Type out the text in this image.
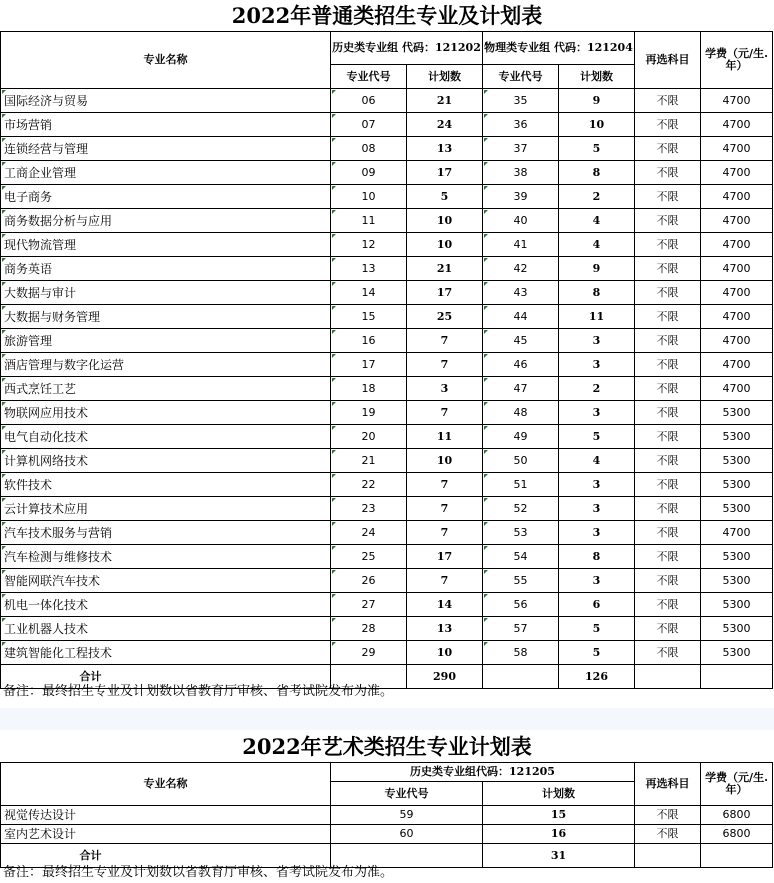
2022年普通类招生专业及计划表
专业名称	历史类专业组 代码：121202		物理类专业组 代码：121204		再选科目	学费（元/生.年）
	专业代号	计划数	专业代号	计划数		
国际经济与贸易	06	21	35	9	不限	4700
市场营销	07	24	36	10	不限	4700
连锁经营与管理	08	13	37	5	不限	4700
工商企业管理	09	17	38	8	不限	4700
电子商务	10	5	39	2	不限	4700
商务数据分析与应用	11	10	40	4	不限	4700
现代物流管理	12	10	41	4	不限	4700
商务英语	13	21	42	9	不限	4700
大数据与审计	14	17	43	8	不限	4700
大数据与财务管理	15	25	44	11	不限	4700
旅游管理	16	7	45	3	不限	4700
酒店管理与数字化运营	17	7	46	3	不限	4700
西式烹饪工艺	18	3	47	2	不限	4700
物联网应用技术	19	7	48	3	不限	5300
电气自动化技术	20	11	49	5	不限	5300
计算机网络技术	21	10	50	4	不限	5300
软件技术	22	7	51	3	不限	5300
云计算技术应用	23	7	52	3	不限	5300
汽车技术服务与营销	24	7	53	3	不限	4700
汽车检测与维修技术	25	17	54	8	不限	5300
智能网联汽车技术	26	7	55	3	不限	5300
机电一体化技术	27	14	56	6	不限	5300
工业机器人技术	28	13	57	5	不限	5300
建筑智能化工程技术	29	10	58	5	不限	5300
合计		290		126		
备注：最终招生专业及计划数以省教育厅审核、省考试院发布为准。
2022年艺术类招生专业计划表
专业名称	历史类专业组代码：121205		再选科目	学费（元/生.年）
	专业代号	计划数		
视觉传达设计	59	15	不限	6800
室内艺术设计	60	16	不限	6800
合计		31		
备注：最终招生专业及计划数以省教育厅审核、省考试院发布为准。
